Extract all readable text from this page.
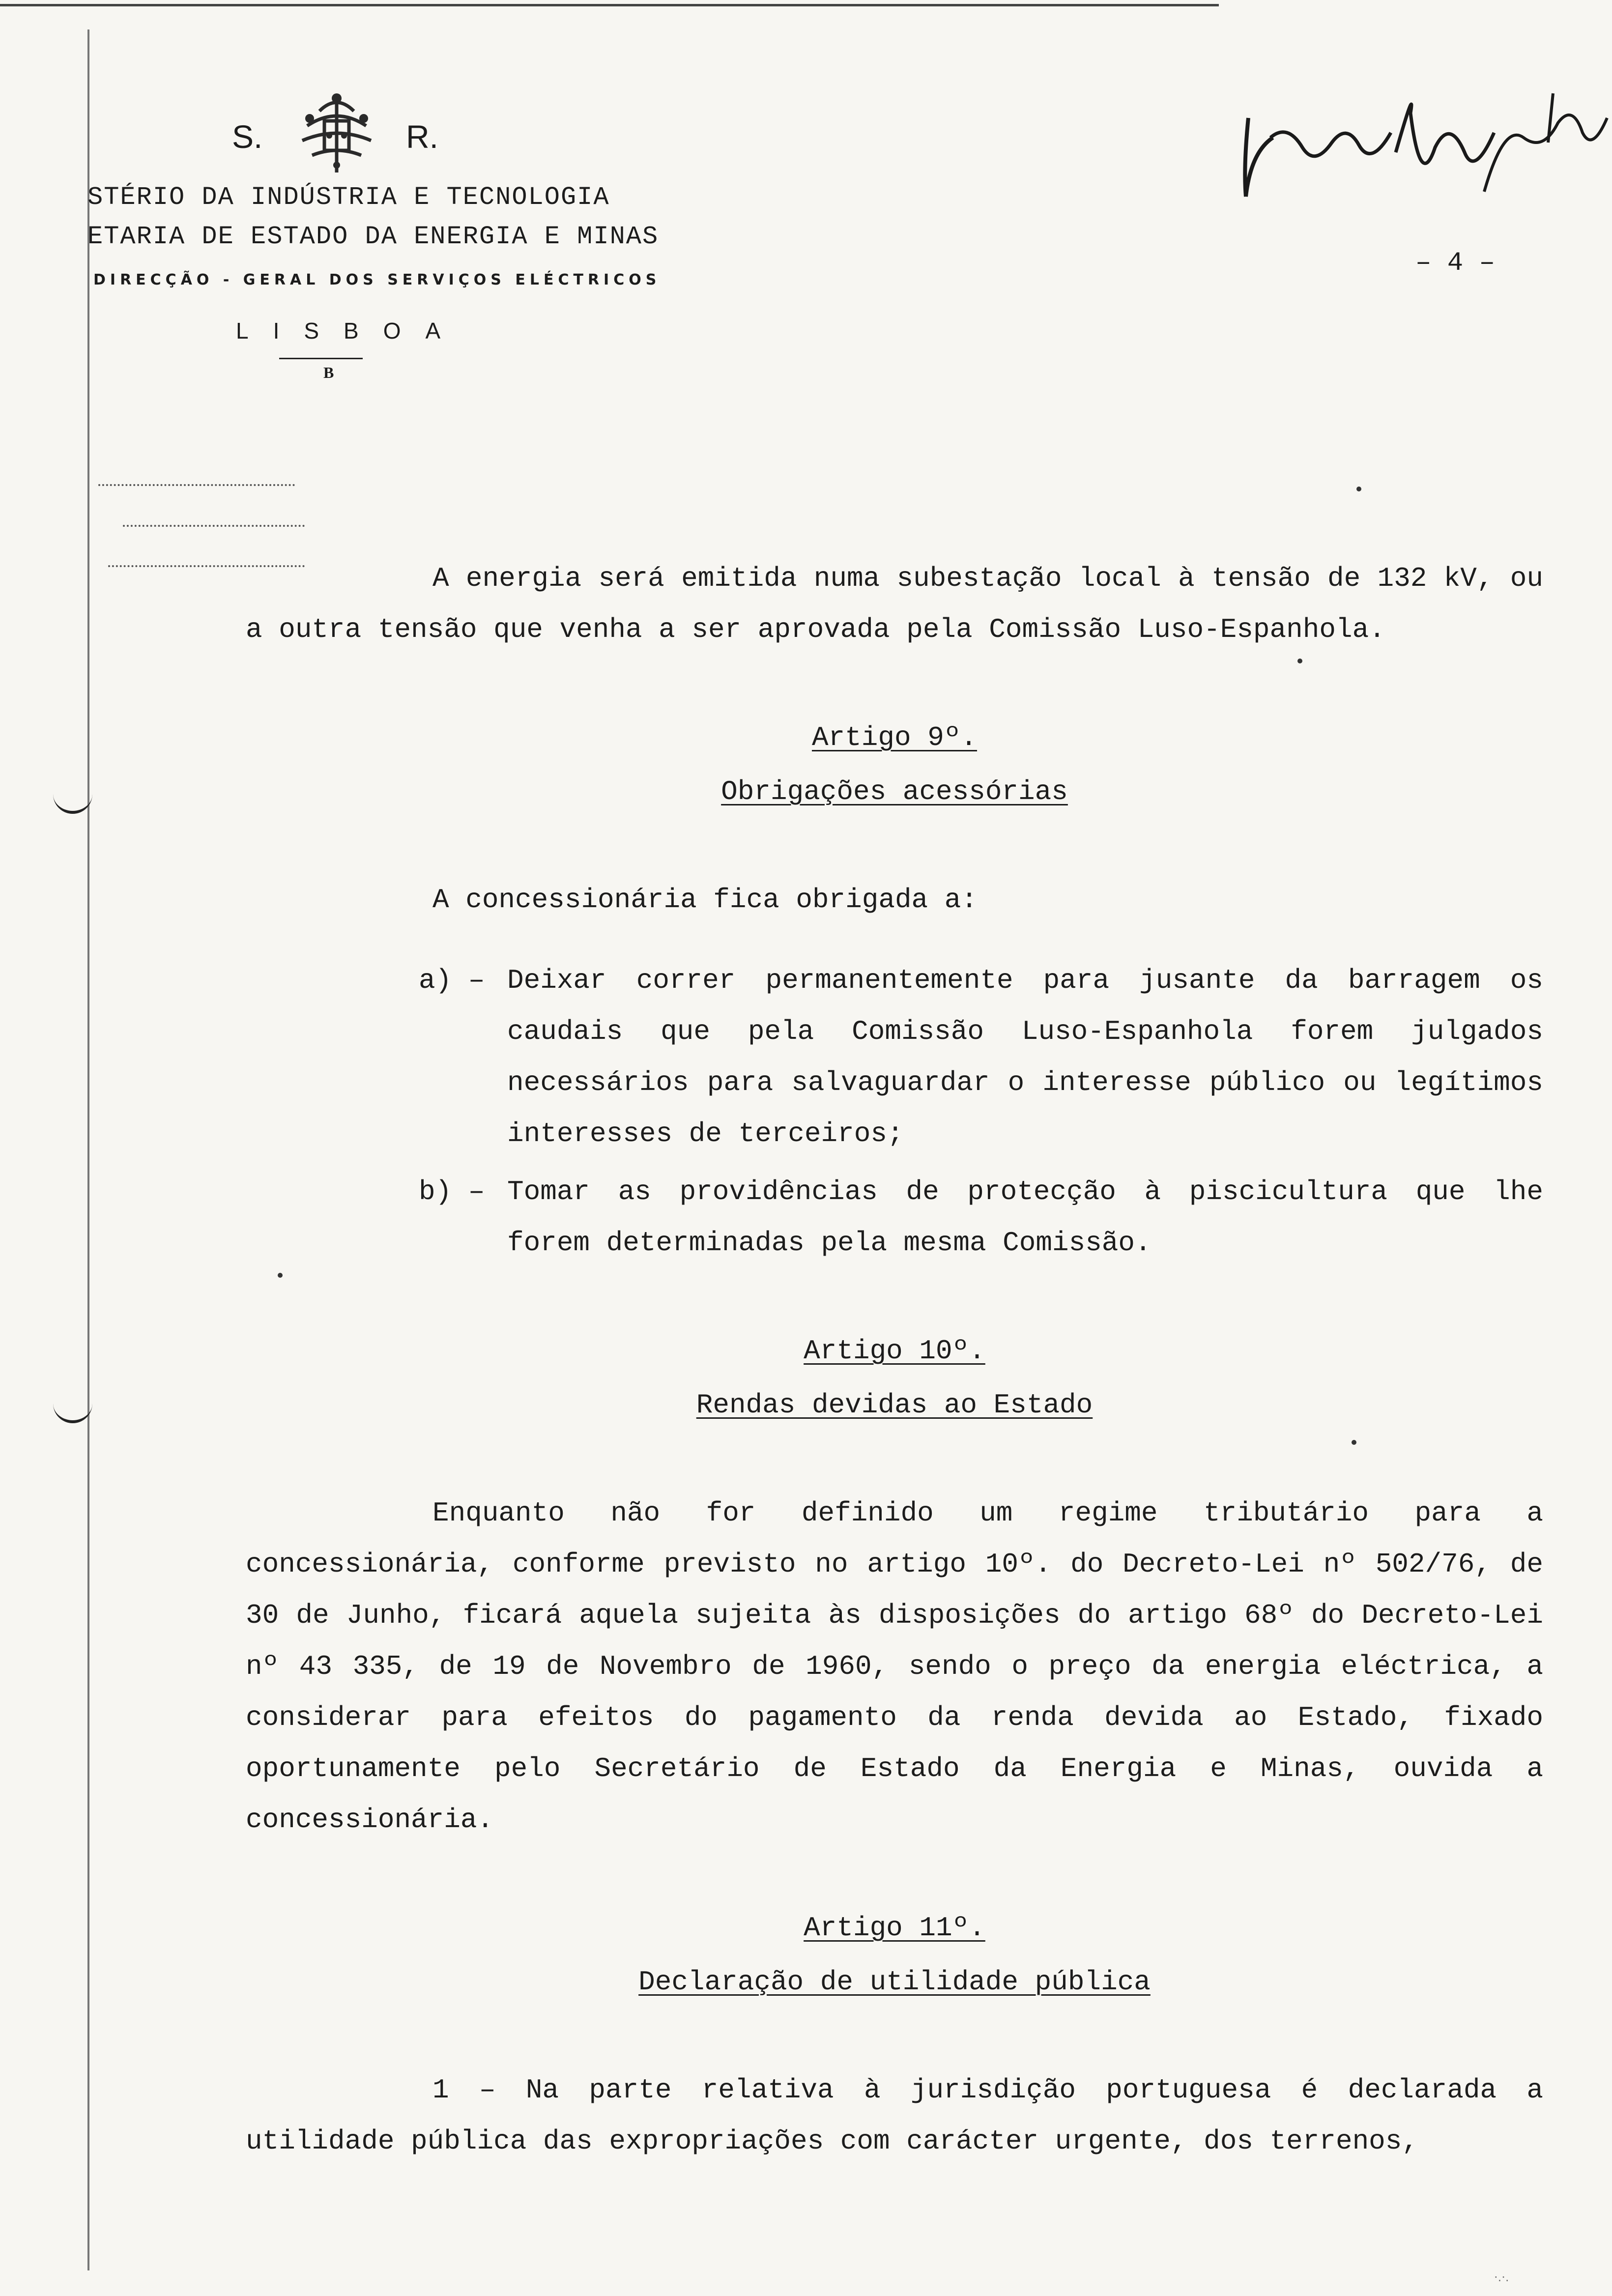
S.	R.
STÉRIO DA INDÚSTRIA E TECNOLOGIA
ETARIA DE ESTADO DA ENERGIA E MINAS
DIRECÇÃO - GERAL DOS SERVIÇOS ELÉCTRICOS
LISBOA
B
– 4 –

A energia será emitida numa subestação local à tensão de 132 kV, ou a outra tensão que venha a ser aprovada pela Comissão Luso-Espanhola.

Artigo 9º.

Obrigações acessórias

A concessionária fica obrigada a:

a) – Deixar correr permanentemente para jusante da barragem os caudais que pela Comissão Luso-Espanhola forem julgados necessários para salvaguardar o interesse público ou legítimos interesses de terceiros;
b) – Tomar as providências de protecção à piscicultura que lhe forem determinadas pela mesma Comissão.

Artigo 10º.

Rendas devidas ao Estado

Enquanto não for definido um regime tributário para a concessionária, conforme previsto no artigo 10º. do Decreto-Lei nº 502/76, de 30 de Junho, ficará aquela sujeita às disposições do artigo 68º do Decreto-Lei nº 43 335, de 19 de Novembro de 1960, sendo o preço da energia eléctrica, a considerar para efeitos do pagamento da renda devida ao Estado, fixado oportunamente pelo Secretário de Estado da Energia e Minas, ouvida a concessionária.

Artigo 11º.

Declaração de utilidade pública

1 – Na parte relativa à jurisdição portuguesa é declarada a utilidade pública das expropriações com carácter urgente, dos terrenos,

·.·.
